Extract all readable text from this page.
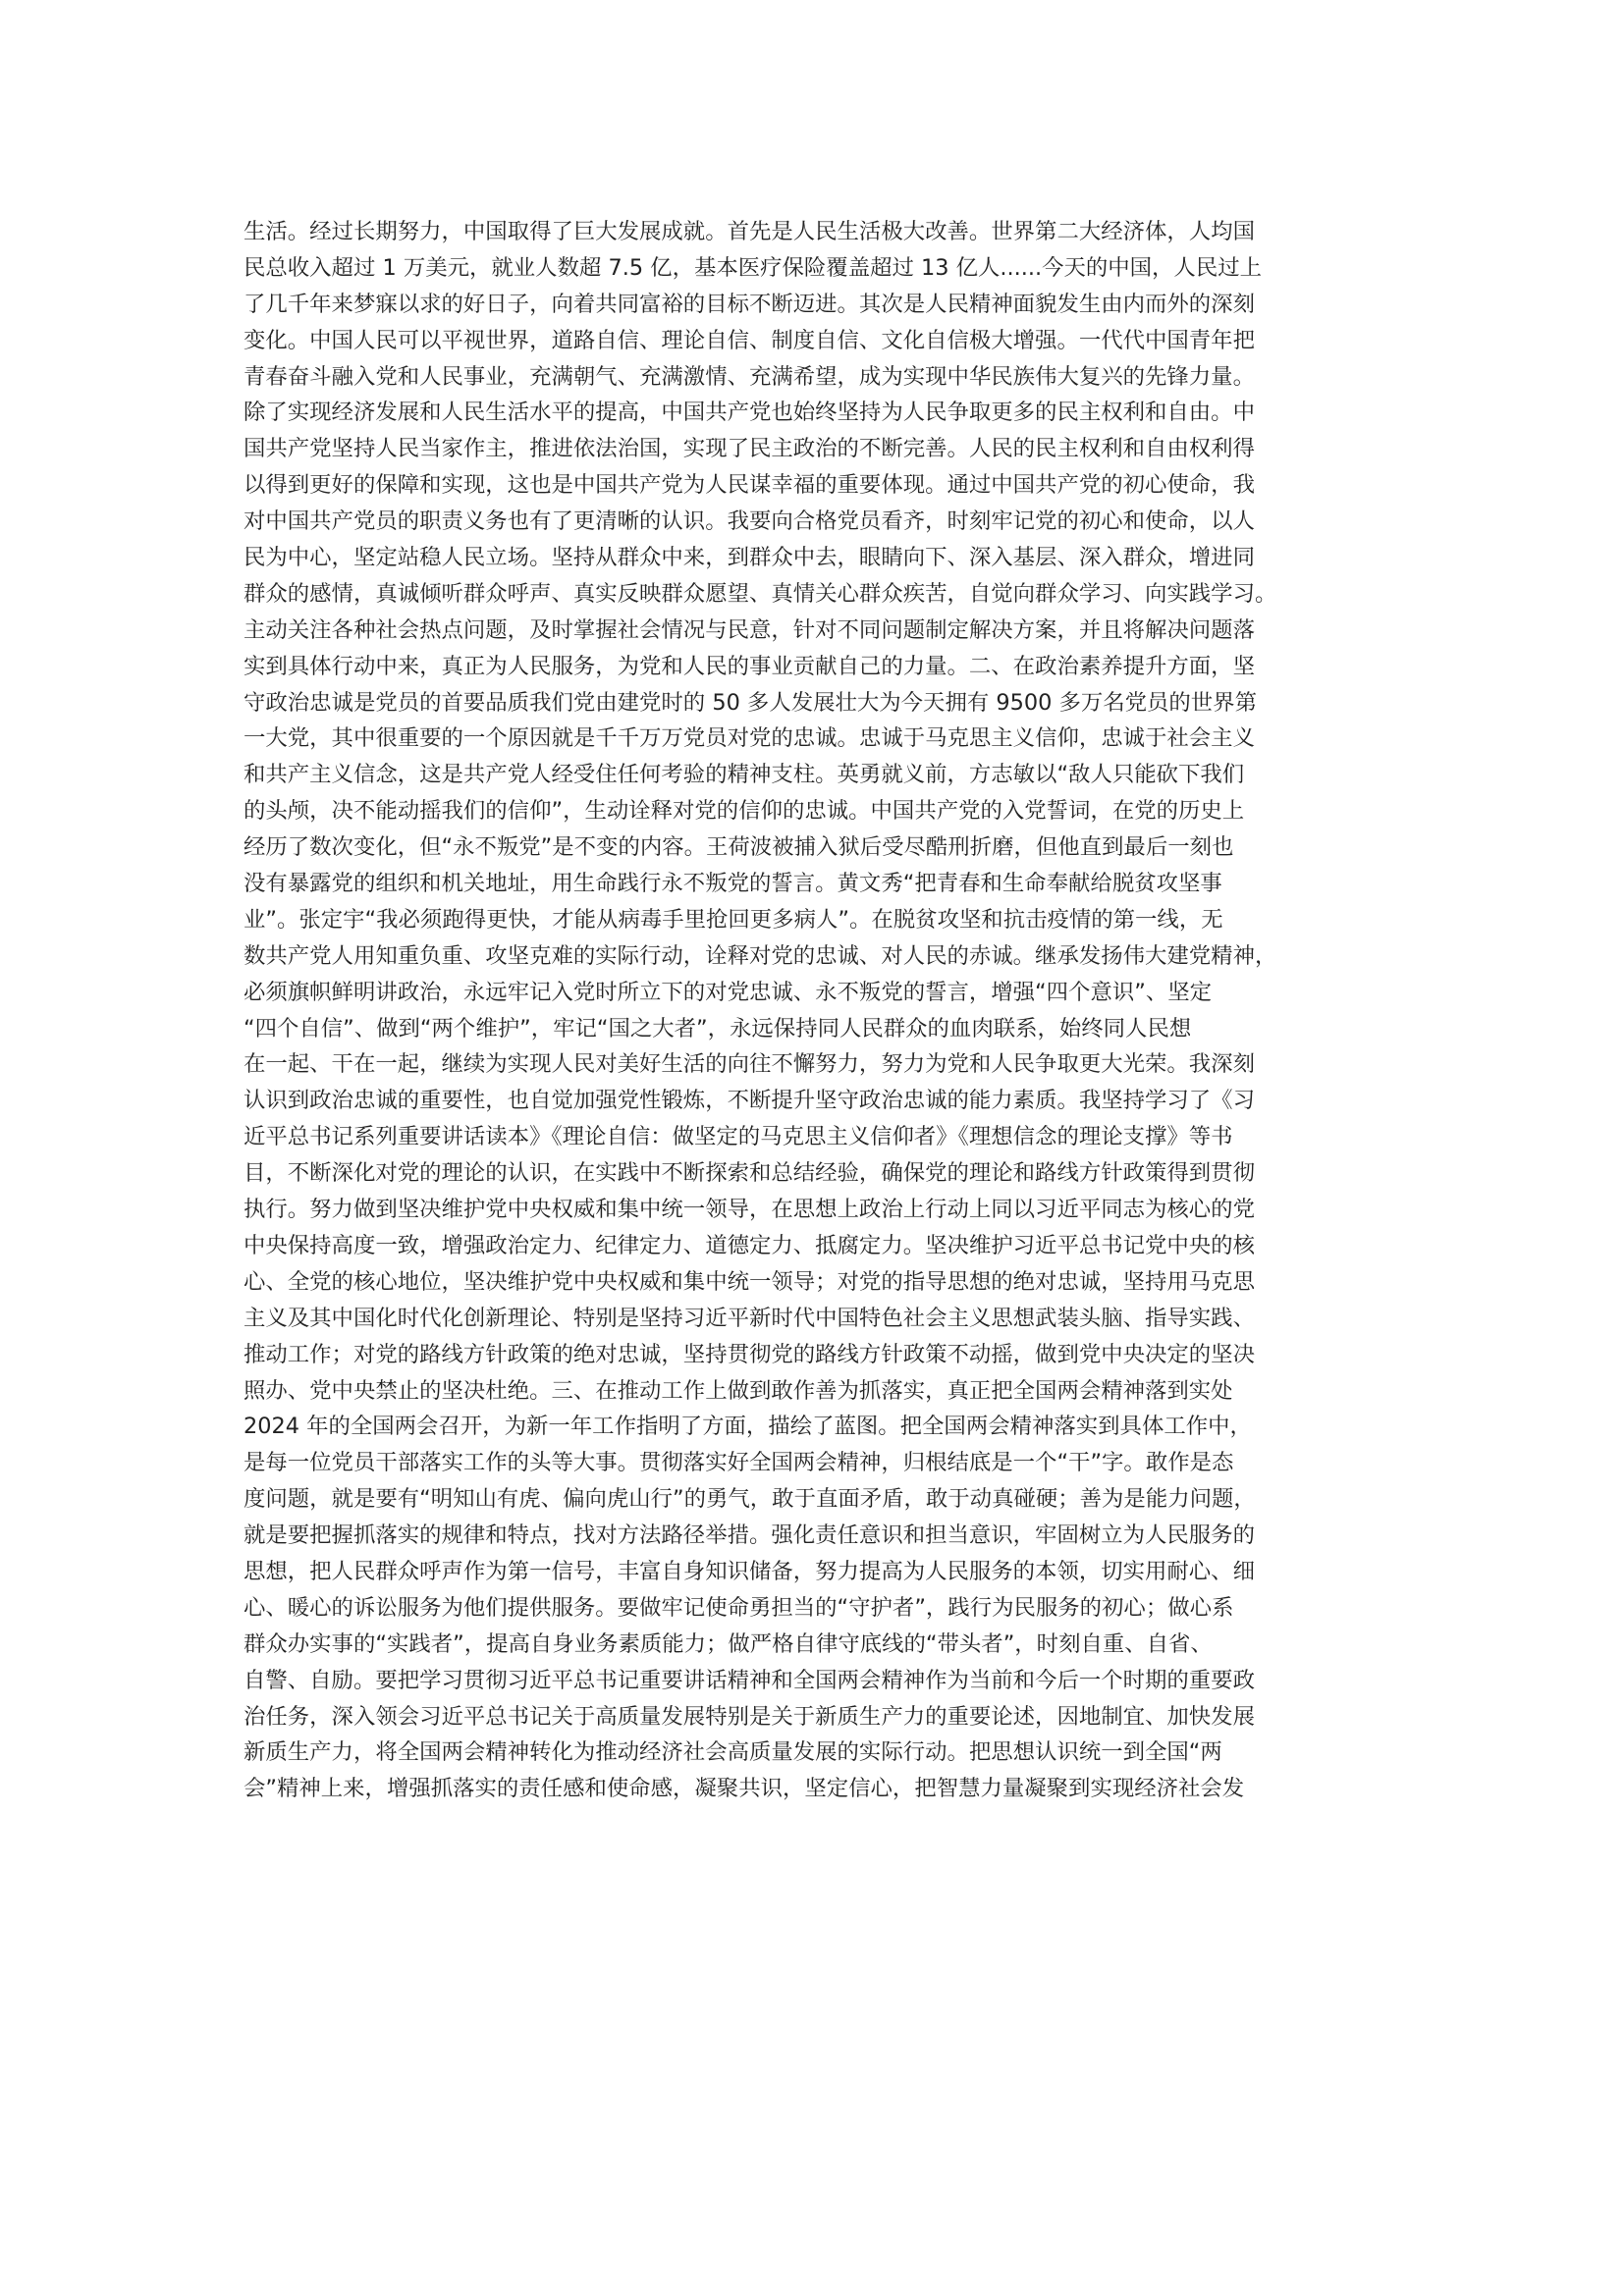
生活。经过长期努力，中国取得了巨大发展成就。首先是人民生活极大改善。世界第二大经济体，人均国
民总收入超过 1 万美元，就业人数超 7.5 亿，基本医疗保险覆盖超过 13 亿人......今天的中国，人民过上
了几千年来梦寐以求的好日子，向着共同富裕的目标不断迈进。其次是人民精神面貌发生由内而外的深刻
变化。中国人民可以平视世界，道路自信、理论自信、制度自信、文化自信极大增强。一代代中国青年把
青春奋斗融入党和人民事业，充满朝气、充满激情、充满希望，成为实现中华民族伟大复兴的先锋力量。
除了实现经济发展和人民生活水平的提高，中国共产党也始终坚持为人民争取更多的民主权利和自由。中
国共产党坚持人民当家作主，推进依法治国，实现了民主政治的不断完善。人民的民主权利和自由权利得
以得到更好的保障和实现，这也是中国共产党为人民谋幸福的重要体现。通过中国共产党的初心使命，我
对中国共产党员的职责义务也有了更清晰的认识。我要向合格党员看齐，时刻牢记党的初心和使命，以人
民为中心，坚定站稳人民立场。坚持从群众中来，到群众中去，眼睛向下、深入基层、深入群众，增进同
群众的感情，真诚倾听群众呼声、真实反映群众愿望、真情关心群众疾苦，自觉向群众学习、向实践学习。
主动关注各种社会热点问题，及时掌握社会情况与民意，针对不同问题制定解决方案，并且将解决问题落
实到具体行动中来，真正为人民服务，为党和人民的事业贡献自己的力量。二、在政治素养提升方面，坚
守政治忠诚是党员的首要品质我们党由建党时的 50 多人发展壮大为今天拥有 9500 多万名党员的世界第
一大党，其中很重要的一个原因就是千千万万党员对党的忠诚。忠诚于马克思主义信仰，忠诚于社会主义
和共产主义信念，这是共产党人经受住任何考验的精神支柱。英勇就义前，方志敏以“敌人只能砍下我们
的头颅，决不能动摇我们的信仰”，生动诠释对党的信仰的忠诚。中国共产党的入党誓词，在党的历史上
经历了数次变化，但“永不叛党”是不变的内容。王荷波被捕入狱后受尽酷刑折磨，但他直到最后一刻也
没有暴露党的组织和机关地址，用生命践行永不叛党的誓言。黄文秀“把青春和生命奉献给脱贫攻坚事
业”。张定宇“我必须跑得更快，才能从病毒手里抢回更多病人”。在脱贫攻坚和抗击疫情的第一线，无
数共产党人用知重负重、攻坚克难的实际行动，诠释对党的忠诚、对人民的赤诚。继承发扬伟大建党精神，
必须旗帜鲜明讲政治，永远牢记入党时所立下的对党忠诚、永不叛党的誓言，增强“四个意识”、坚定
“四个自信”、做到“两个维护”，牢记“国之大者”，永远保持同人民群众的血肉联系，始终同人民想
在一起、干在一起，继续为实现人民对美好生活的向往不懈努力，努力为党和人民争取更大光荣。我深刻
认识到政治忠诚的重要性，也自觉加强党性锻炼，不断提升坚守政治忠诚的能力素质。我坚持学习了《习
近平总书记系列重要讲话读本》《理论自信：做坚定的马克思主义信仰者》《理想信念的理论支撑》等书
目，不断深化对党的理论的认识，在实践中不断探索和总结经验，确保党的理论和路线方针政策得到贯彻
执行。努力做到坚决维护党中央权威和集中统一领导，在思想上政治上行动上同以习近平同志为核心的党
中央保持高度一致，增强政治定力、纪律定力、道德定力、抵腐定力。坚决维护习近平总书记党中央的核
心、全党的核心地位，坚决维护党中央权威和集中统一领导；对党的指导思想的绝对忠诚，坚持用马克思
主义及其中国化时代化创新理论、特别是坚持习近平新时代中国特色社会主义思想武装头脑、指导实践、
推动工作；对党的路线方针政策的绝对忠诚，坚持贯彻党的路线方针政策不动摇，做到党中央决定的坚决
照办、党中央禁止的坚决杜绝。三、在推动工作上做到敢作善为抓落实，真正把全国两会精神落到实处
2024 年的全国两会召开，为新一年工作指明了方面，描绘了蓝图。把全国两会精神落实到具体工作中，
是每一位党员干部落实工作的头等大事。贯彻落实好全国两会精神，归根结底是一个“干”字。敢作是态
度问题，就是要有“明知山有虎、偏向虎山行”的勇气，敢于直面矛盾，敢于动真碰硬；善为是能力问题，
就是要把握抓落实的规律和特点，找对方法路径举措。强化责任意识和担当意识，牢固树立为人民服务的
思想，把人民群众呼声作为第一信号，丰富自身知识储备，努力提高为人民服务的本领，切实用耐心、细
心、暖心的诉讼服务为他们提供服务。要做牢记使命勇担当的“守护者”，践行为民服务的初心；做心系
群众办实事的“实践者”，提高自身业务素质能力；做严格自律守底线的“带头者”，时刻自重、自省、
自警、自励。要把学习贯彻习近平总书记重要讲话精神和全国两会精神作为当前和今后一个时期的重要政
治任务，深入领会习近平总书记关于高质量发展特别是关于新质生产力的重要论述，因地制宜、加快发展
新质生产力，将全国两会精神转化为推动经济社会高质量发展的实际行动。把思想认识统一到全国“两
会”精神上来，增强抓落实的责任感和使命感，凝聚共识，坚定信心，把智慧力量凝聚到实现经济社会发
